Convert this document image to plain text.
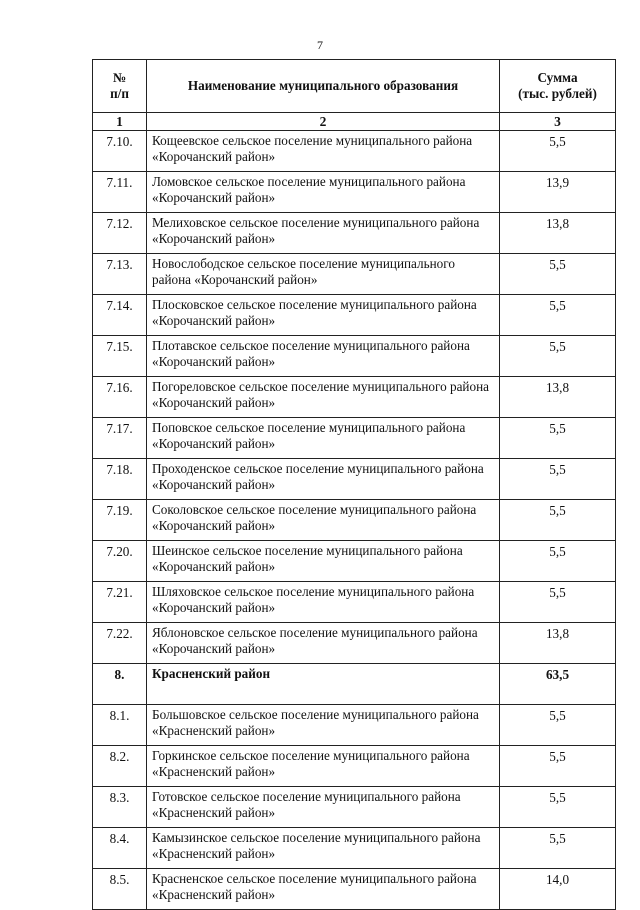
7
№
п/п	Наименование муниципального образования	Сумма
(тыс. рублей)
1	2	3
7.10.	Кощеевское сельское поселение муниципального района «Корочанский район»	5,5
7.11.	Ломовское сельское поселение муниципального района «Корочанский район»	13,9
7.12.	Мелиховское сельское поселение муниципального района «Корочанский район»	13,8
7.13.	Новослободское сельское поселение муниципального района «Корочанский район»	5,5
7.14.	Плосковское сельское поселение муниципального района «Корочанский район»	5,5
7.15.	Плотавское сельское поселение муниципального района «Корочанский район»	5,5
7.16.	Погореловское сельское поселение муниципального района «Корочанский район»	13,8
7.17.	Поповское сельское поселение муниципального района «Корочанский район»	5,5
7.18.	Проходенское сельское поселение муниципального района «Корочанский район»	5,5
7.19.	Соколовское сельское поселение муниципального района «Корочанский район»	5,5
7.20.	Шеинское сельское поселение муниципального района «Корочанский район»	5,5
7.21.	Шляховское сельское поселение муниципального района «Корочанский район»	5,5
7.22.	Яблоновское сельское поселение муниципального района «Корочанский район»	13,8
8.	Красненский район	63,5
8.1.	Большовское сельское поселение муниципального района «Красненский район»	5,5
8.2.	Горкинское сельское поселение муниципального района «Красненский район»	5,5
8.3.	Готовское сельское поселение муниципального района «Красненский район»	5,5
8.4.	Камызинское сельское поселение муниципального района «Красненский район»	5,5
8.5.	Красненское сельское поселение муниципального района «Красненский район»	14,0
